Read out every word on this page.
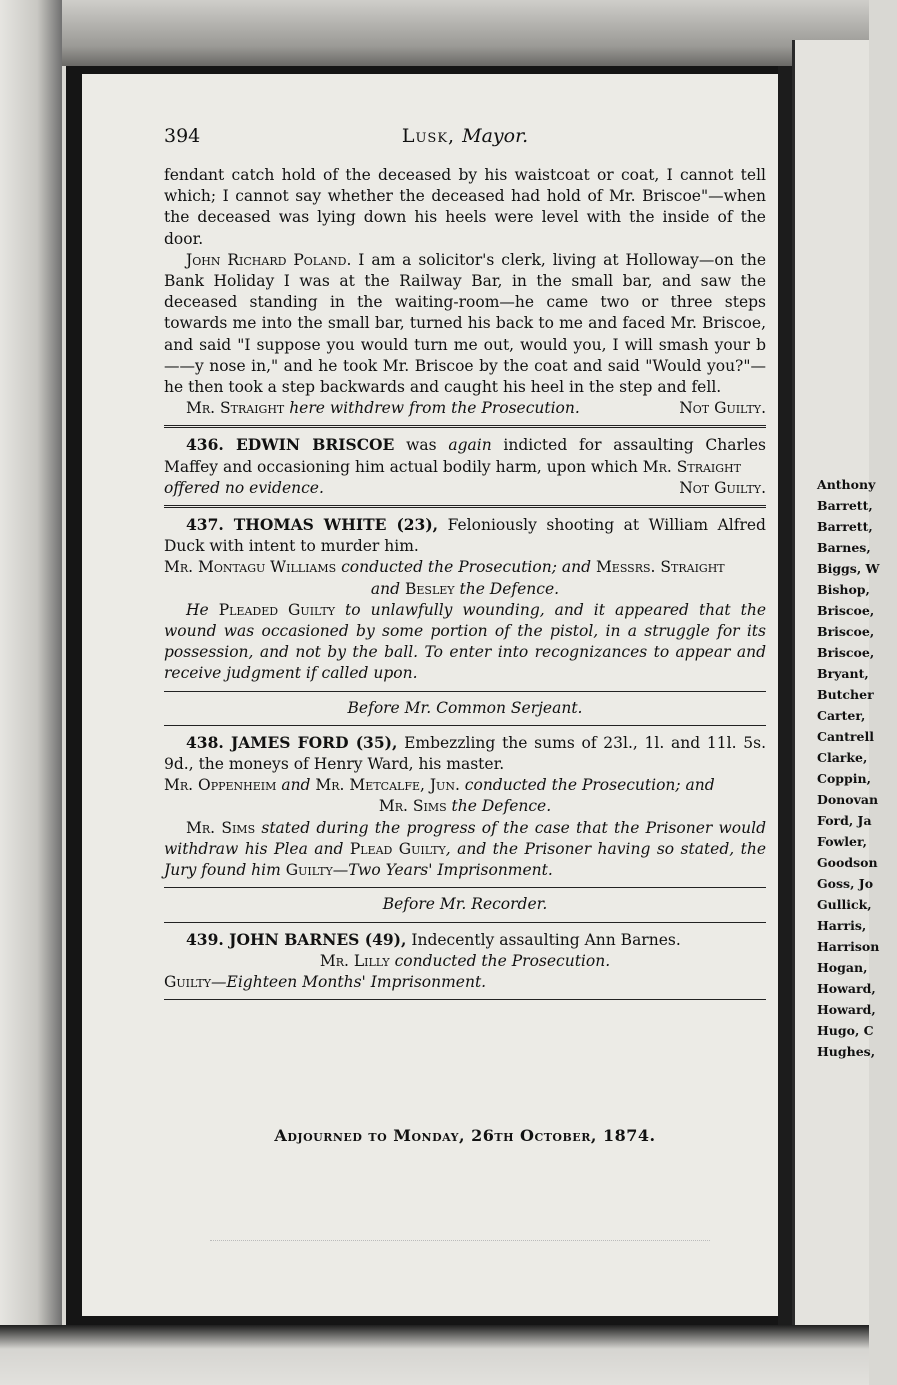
Anthony
Barrett,
Barrett,
Barnes,
Biggs, W
Bishop,
Briscoe,
Briscoe,
Briscoe,
Bryant,
Butcher
Carter,
Cantrell
Clarke,
Coppin,
Donovan
Ford, Ja
Fowler,
Goodson
Goss, Jo
Gullick,
Harris,
Harrison
Hogan,
Howard,
Howard,
Hugo, C
Hughes,
394	Lusk, Mayor.

fendant catch hold of the deceased by his waistcoat or coat, I cannot tell which; I cannot say whether the deceased had hold of Mr. Briscoe"—when the deceased was lying down his heels were level with the inside of the door.

John Richard Poland. I am a solicitor's clerk, living at Holloway—on the Bank Holiday I was at the Railway Bar, in the small bar, and saw the deceased standing in the waiting-room—he came two or three steps towards me into the small bar, turned his back to me and faced Mr. Briscoe, and said "I suppose you would turn me out, would you, I will smash your b——y nose in," and he took Mr. Briscoe by the coat and said "Would you?"—he then took a step backwards and caught his heel in the step and fell.

Mr. Straight here withdrew from the Prosecution.	Not Guilty.

436. EDWIN BRISCOE was again indicted for assaulting Charles Maffey and occasioning him actual bodily harm, upon which Mr. Straight

offered no evidence.	Not Guilty.

437. THOMAS WHITE (23), Feloniously shooting at William Alfred Duck with intent to murder him.

Mr. Montagu Williams conducted the Prosecution; and Messrs. Straight

and Besley the Defence.

He Pleaded Guilty to unlawfully wounding, and it appeared that the wound was occasioned by some portion of the pistol, in a struggle for its possession, and not by the ball. To enter into recognizances to appear and receive judgment if called upon.

Before Mr. Common Serjeant.

438. JAMES FORD (35), Embezzling the sums of 23l., 1l. and 11l. 5s. 9d., the moneys of Henry Ward, his master.

Mr. Oppenheim and Mr. Metcalfe, Jun. conducted the Prosecution; and

Mr. Sims the Defence.

Mr. Sims stated during the progress of the case that the Prisoner would withdraw his Plea and Plead Guilty, and the Prisoner having so stated, the Jury found him Guilty—Two Years' Imprisonment.

Before Mr. Recorder.

439. JOHN BARNES (49), Indecently assaulting Ann Barnes.

Mr. Lilly conducted the Prosecution.

Guilty—Eighteen Months' Imprisonment.

Adjourned to Monday, 26th October, 1874.
